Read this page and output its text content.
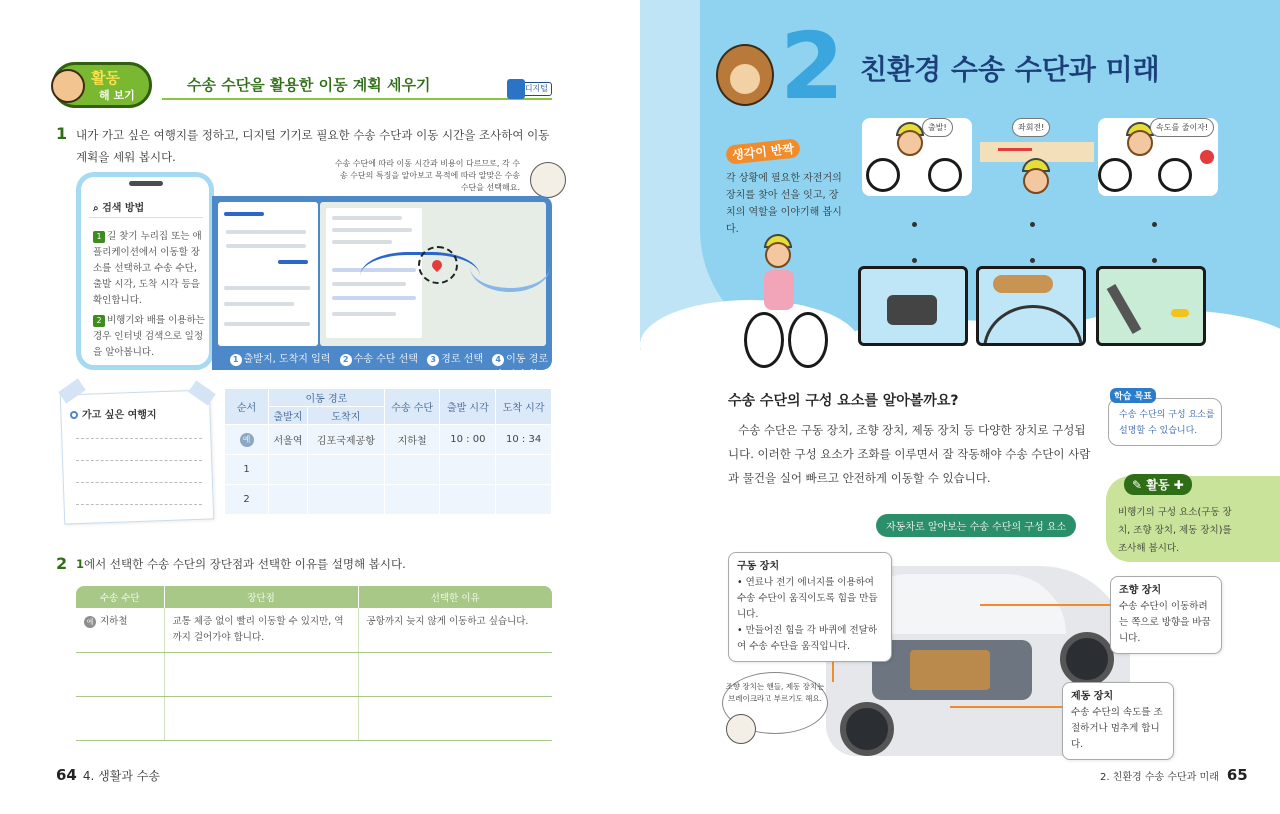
활동
해 보기
수송 수단을 활용한 이동 계획 세우기	디지털
1 내가 가고 싶은 여행지를 정하고, 디지털 기기로 필요한 수송 수단과 이동 시간을 조사하여 이동 계획을 세워 봅시다.	수송 수단에 따라 이동 시간과 비용이 다르므로, 각 수송 수단의 특징을 알아보고 목적에 따라 알맞은 수송 수단을 선택해요.
⌕ 검색 방법
1 길 찾기 누리집 또는 애플리케이션에서 이동할 장소를 선택하고 수송 수단, 출발 시각, 도착 시각 등을 확인합니다.
2 비행기와 배를 이용하는 경우 인터넷 검색으로 일정을 알아봅니다.
1 출발지, 도착지 입력 2 수송 수단 선택 3 경로 선택 4 이동 경로와 시간 확인
가고 싶은 여행지
순서	이동 경로		수송 수단	출발 시각	도착 시각
	출발지	도착지			
예	서울역	김포국제공항	지하철	10 : 00	10 : 34
1					
2					
2 1에서 선택한 수송 수단의 장단점과 선택한 이유를 설명해 봅시다.
수송 수단	장단점	선택한 이유
예 지하철	교통 체증 없이 빨리 이동할 수 있지만, 역까지 걸어가야 합니다.	공항까지 늦지 않게 이동하고 싶습니다.

64 4. 생활과 수송
2 친환경 수송 수단과 미래
생각이 반짝
각 상황에 필요한 자전거의 장치를 찾아 선을 잇고, 장치의 역할을 이야기해 봅시다.
출발!	좌회전!	속도를 줄이자!
수송 수단의 구성 요소를 알아볼까요?
수송 수단의 구성 요소를 설명할 수 있습니다.
학습 목표
수송 수단은 구동 장치, 조향 장치, 제동 장치 등 다양한 장치로 구성됩니다. 이러한 구성 요소가 조화를 이루면서 잘 작동해야 수송 수단이 사람과 물건을 실어 빠르고 안전하게 이동할 수 있습니다.	✎ 활동 ✚
비행기의 구성 요소(구동 장치, 조향 장치, 제동 장치)를 조사해 봅시다.
자동차로 알아보는 수송 수단의 구성 요소
구동 장치
• 연료나 전기 에너지를 이용하여 수송 수단이 움직이도록 힘을 만듭니다.
• 만들어진 힘을 각 바퀴에 전달하여 수송 수단을 움직입니다.
조향 장치
수송 수단이 이동하려는 쪽으로 방향을 바꿉니다.
제동 장치
수송 수단의 속도를 조절하거나 멈추게 합니다.
조향 장치는 핸들, 제동 장치는 브레이크라고 부르기도 해요.
2. 친환경 수송 수단과 미래 65
